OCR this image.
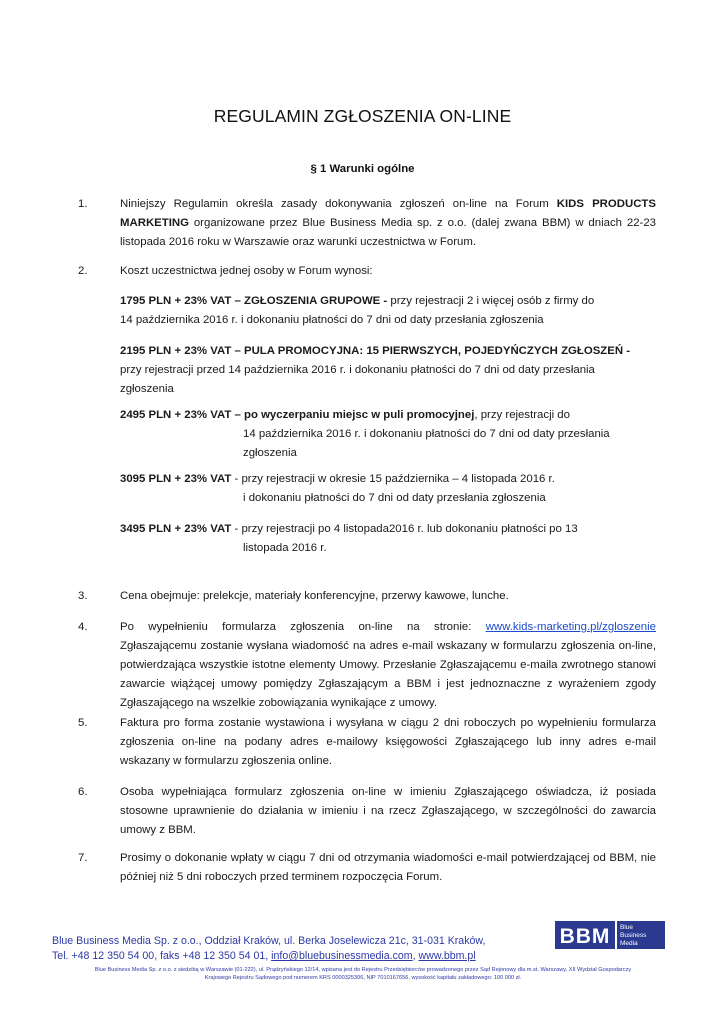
REGULAMIN ZGŁOSZENIA ON-LINE
§ 1 Warunki ogólne
1.	Niniejszy Regulamin określa zasady dokonywania zgłoszeń on-line na Forum KIDS PRODUCTS MARKETING organizowane przez Blue Business Media sp. z o.o. (dalej zwana BBM) w dniach 22-23 listopada 2016 roku w Warszawie oraz warunki uczestnictwa w Forum.
2.	Koszt uczestnictwa jednej osoby w Forum wynosi:
1795 PLN + 23% VAT – ZGŁOSZENIA GRUPOWE - przy rejestracji 2 i więcej osób z firmy do
14 października 2016 r. i dokonaniu płatności do 7 dni od daty przesłania zgłoszenia
2195 PLN + 23% VAT – PULA PROMOCYJNA: 15 PIERWSZYCH, POJEDYŃCZYCH ZGŁOSZEŃ -
przy rejestracji przed 14 października 2016 r. i dokonaniu płatności do 7 dni od daty przesłania
zgłoszenia
2495 PLN + 23% VAT – po wyczerpaniu miejsc w puli promocyjnej, przy rejestracji do

14 października 2016 r. i dokonaniu płatności do 7 dni od daty przesłania
zgłoszenia
3095 PLN + 23% VAT - przy rejestracji w okresie 15 października – 4 listopada 2016 r.

i dokonaniu płatności do 7 dni od daty przesłania zgłoszenia
3495 PLN + 23% VAT - przy rejestracji po 4 listopada2016 r. lub dokonaniu płatności po 13

listopada 2016 r.
3.	Cena obejmuje: prelekcje, materiały konferencyjne, przerwy kawowe, lunche.
4.	Po wypełnieniu formularza zgłoszenia on-line na stronie: www.kids-marketing.pl/zgloszenie Zgłaszającemu zostanie wysłana wiadomość na adres e-mail wskazany w formularzu zgłoszenia on-line, potwierdzająca wszystkie istotne elementy Umowy. Przesłanie Zgłaszającemu e-maila zwrotnego stanowi zawarcie wiążącej umowy pomiędzy Zgłaszającym a BBM i jest jednoznaczne z wyrażeniem zgody Zgłaszającego na wszelkie zobowiązania wynikające z umowy.
5.	Faktura pro forma zostanie wystawiona i wysyłana w ciągu 2 dni roboczych po wypełnieniu formularza zgłoszenia on-line na podany adres e-mailowy księgowości Zgłaszającego lub inny adres e-mail wskazany w formularzu zgłoszenia online.
6.	Osoba wypełniająca formularz zgłoszenia on-line w imieniu Zgłaszającego oświadcza, iż posiada stosowne uprawnienie do działania w imieniu i na rzecz Zgłaszającego, w szczególności do zawarcia umowy z BBM.
7.	Prosimy o dokonanie wpłaty w ciągu 7 dni od otrzymania wiadomości e-mail potwierdzającej od BBM, nie później niż 5 dni roboczych przed terminem rozpoczęcia Forum.
Blue Business Media Sp. z o.o., Oddział Kraków, ul. Berka Joselewicza 21c, 31-031 Kraków,
Tel. +48 12 350 54 00, faks +48 12 350 54 01, info@bluebusinessmedia.com, www.bbm.pl
Blue Business Media Sp. z o.o. z siedzibą w Warszawie (01-222), ul. Prądzyńskiego 12/14, wpisana jest do Rejestru Przedsiębiorców prowadzonego przez Sąd Rejonowy dla m.st. Warszawy, XII Wydział Gospodarczy
Krajowego Rejestru Sądowego pod numerem KRS 0000325306, NIP 7010167656, wysokość kapitału zakładowego: 100 000 zł.
BBM Blue
Business
Media
